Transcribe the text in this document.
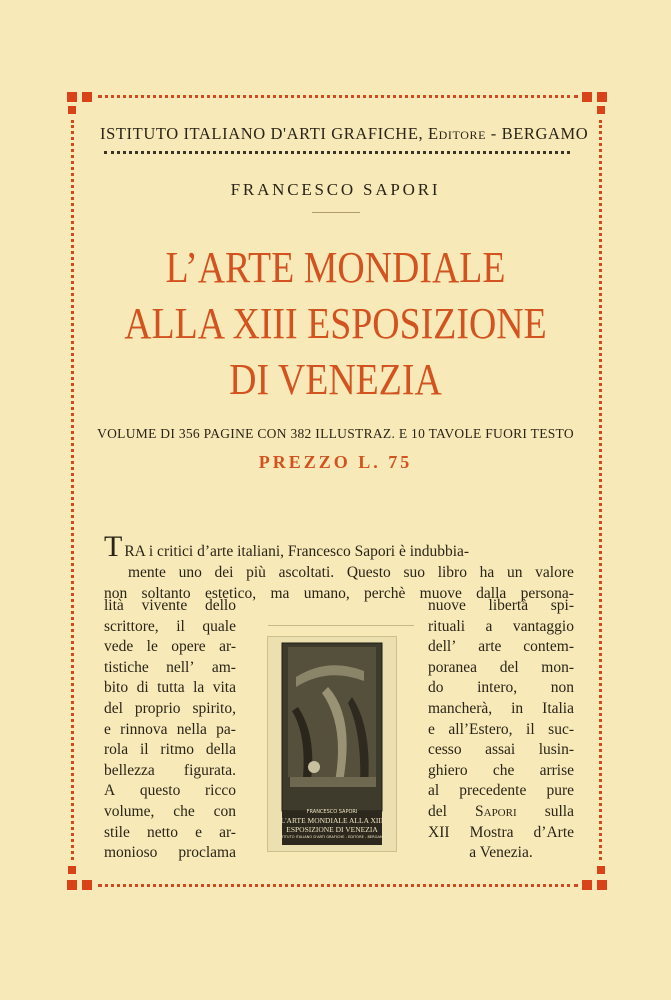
ISTITUTO ITALIANO D'ARTI GRAFICHE, Editore - BERGAMO
FRANCESCO SAPORI
L’ARTE MONDIALE
ALLA XIII ESPOSIZIONE
DI VENEZIA
VOLUME DI 356 PAGINE CON 382 ILLUSTRAZ. E 10 TAVOLE FUORI TESTO
PREZZO L. 75
TRA i critici d’arte italiani, Francesco Sapori è indubbia-
mente uno dei più ascoltati. Questo suo libro ha un valore
non soltanto estetico, ma umano, perchè muove dalla persona-
lità vivente dello
scrittore, il quale
vede le opere ar-
tistiche nell’ am-
bito di tutta la vita
del proprio spirito,
e rinnova nella pa-
rola il ritmo della
bellezza figurata.
A questo ricco
volume, che con
stile netto e ar-
monioso proclama
nuove libertà spi-
rituali a vantaggio
dell’ arte contem-
poranea del mon-
do intero, non
mancherà, in Italia
e all’Estero, il suc-
cesso assai lusin-
ghiero che arrise
al precedente pure
del Sapori sulla
XII Mostra d’Arte
a Venezia.
FRANCESCO SAPORI
L'ARTE MONDIALE ALLA XIII
ESPOSIZIONE DI VENEZIA
ISTITUTO ITALIANO D'ARTI GRAFICHE - EDITORE - BERGAMO
